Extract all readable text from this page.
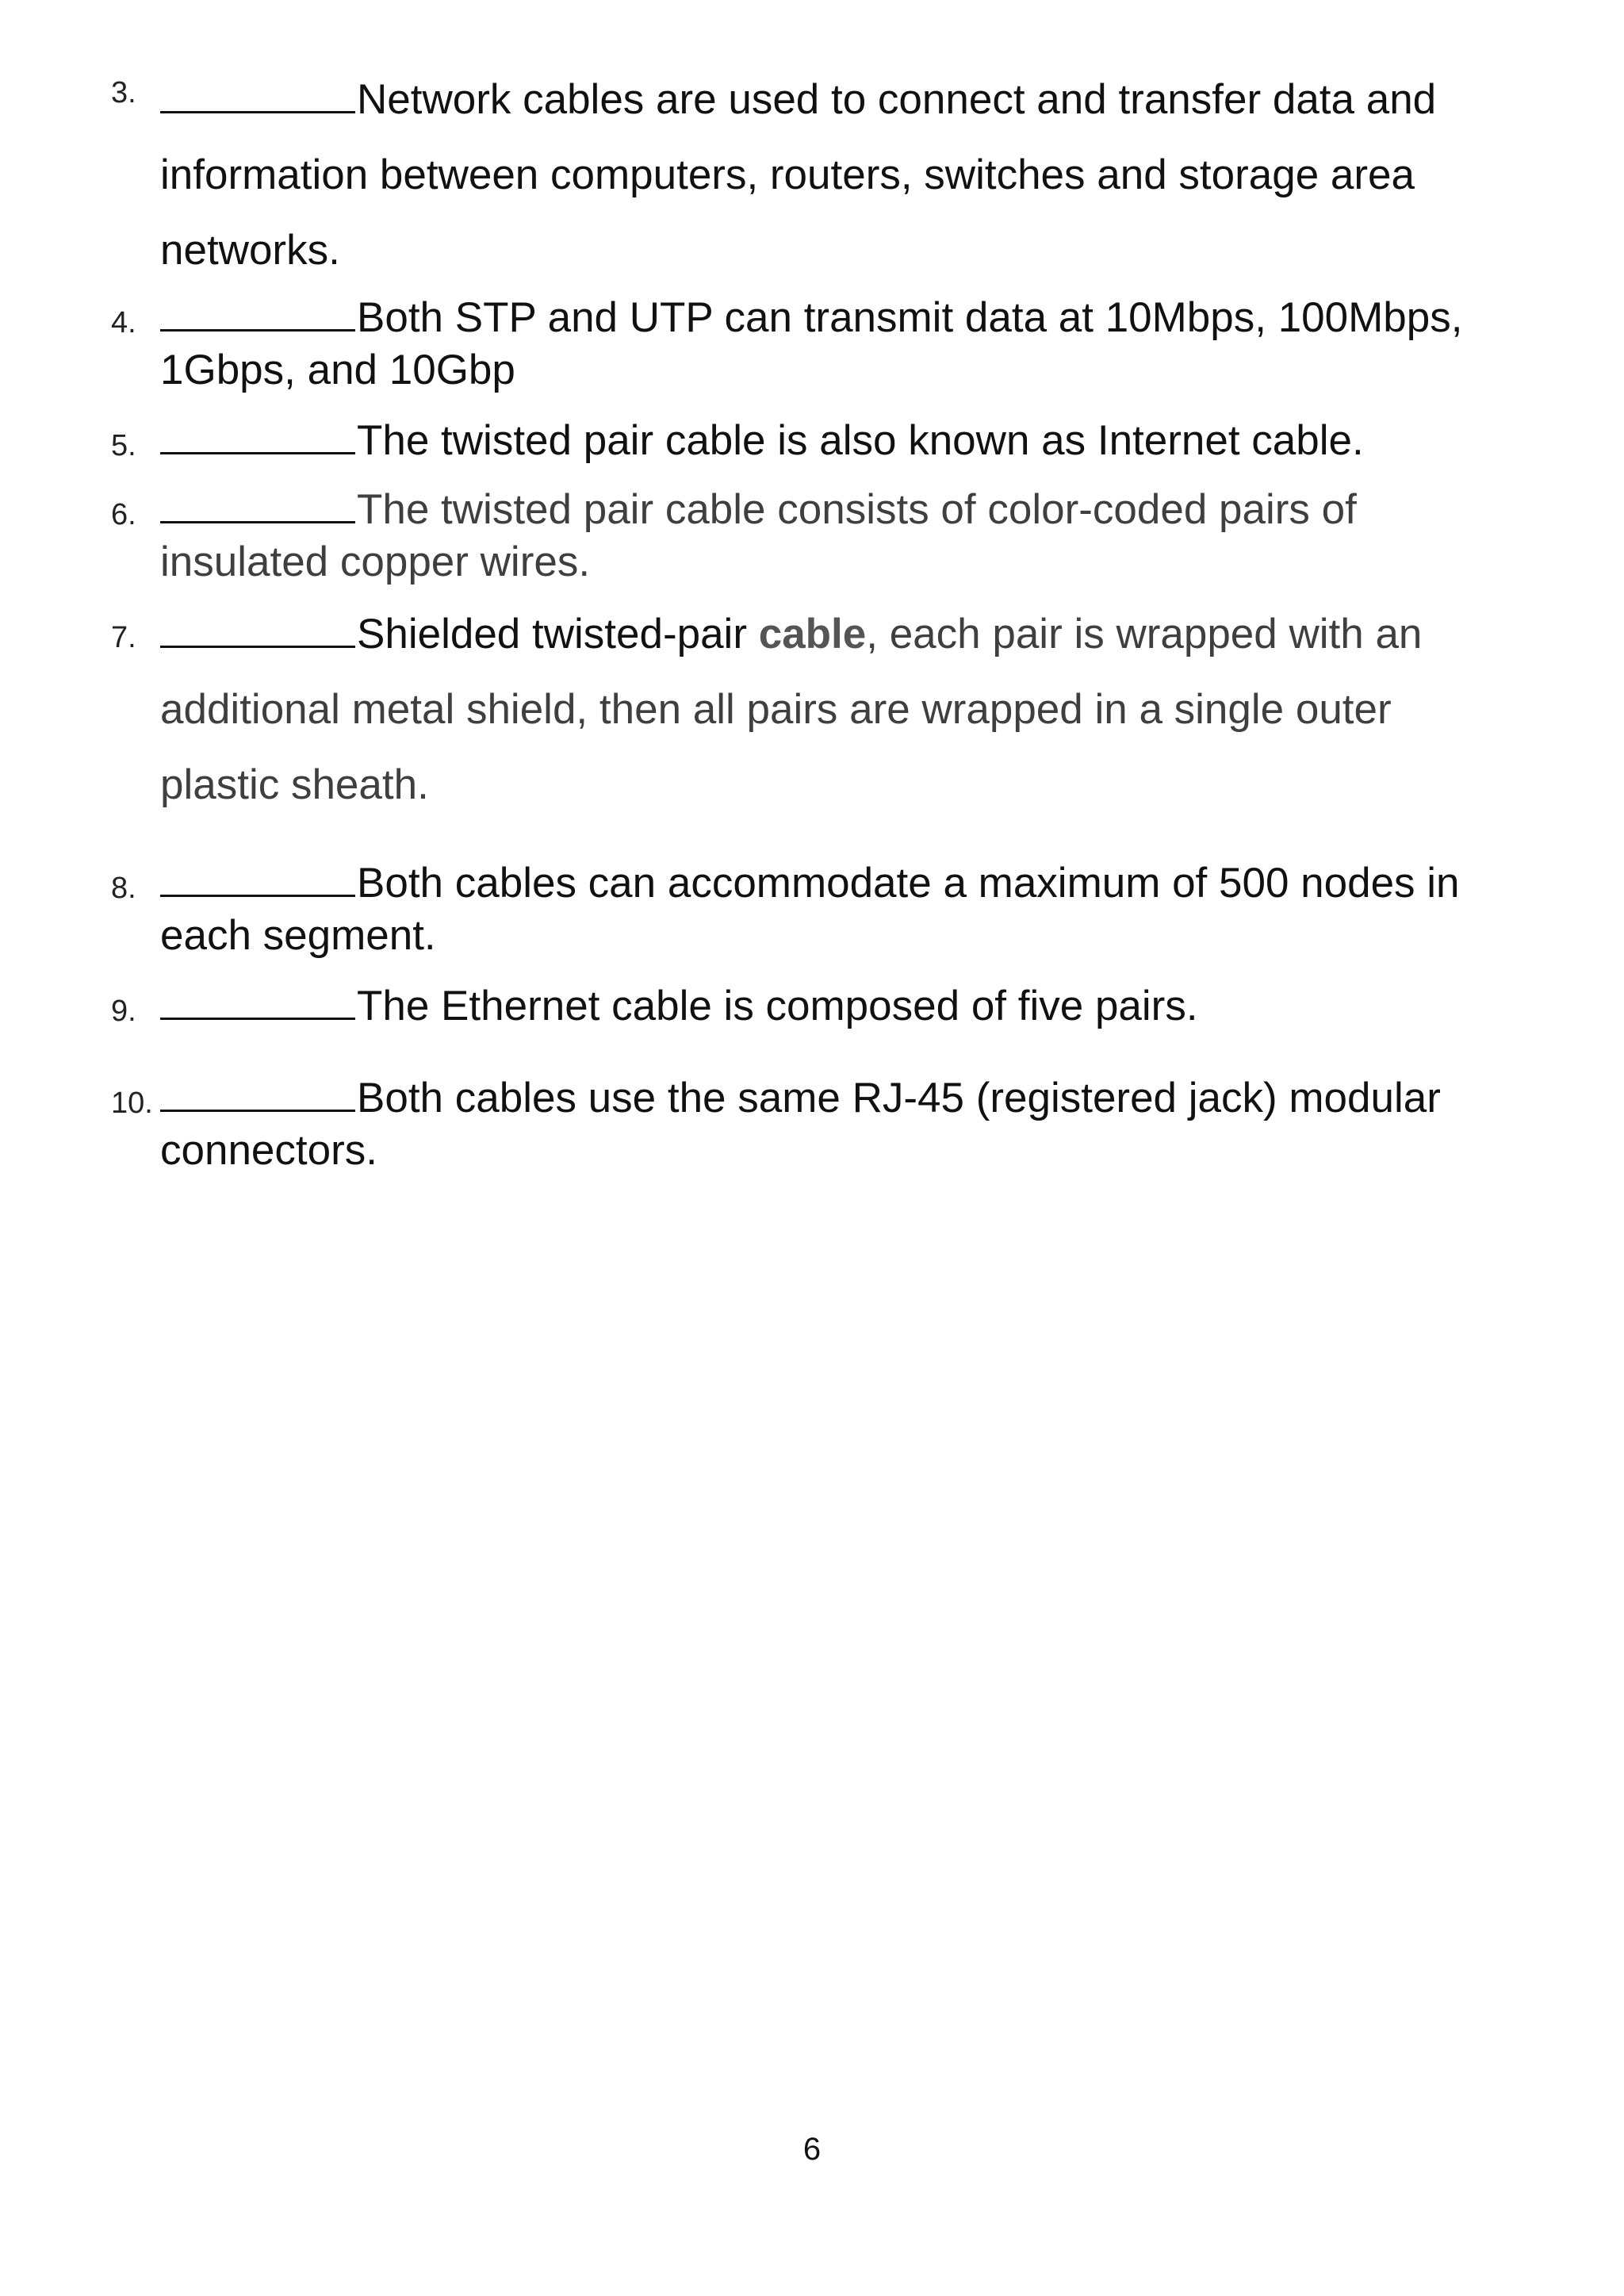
3.	Network cables are used to connect and transfer data and information between computers, routers, switches and storage area networks.
4.	Both STP and UTP can transmit data at 10Mbps, 100Mbps, 1Gbps, and 10Gbp
5.	The twisted pair cable is also known as Internet cable.
6.	The twisted pair cable consists of color-coded pairs of insulated copper wires.
7.	Shielded twisted-pair cable, each pair is wrapped with an additional metal shield, then all pairs are wrapped in a single outer plastic sheath.
8.	Both cables can accommodate a maximum of 500 nodes in each segment.
9.	The Ethernet cable is composed of five pairs.
10.	Both cables use the same RJ-45 (registered jack) modular connectors.
6
